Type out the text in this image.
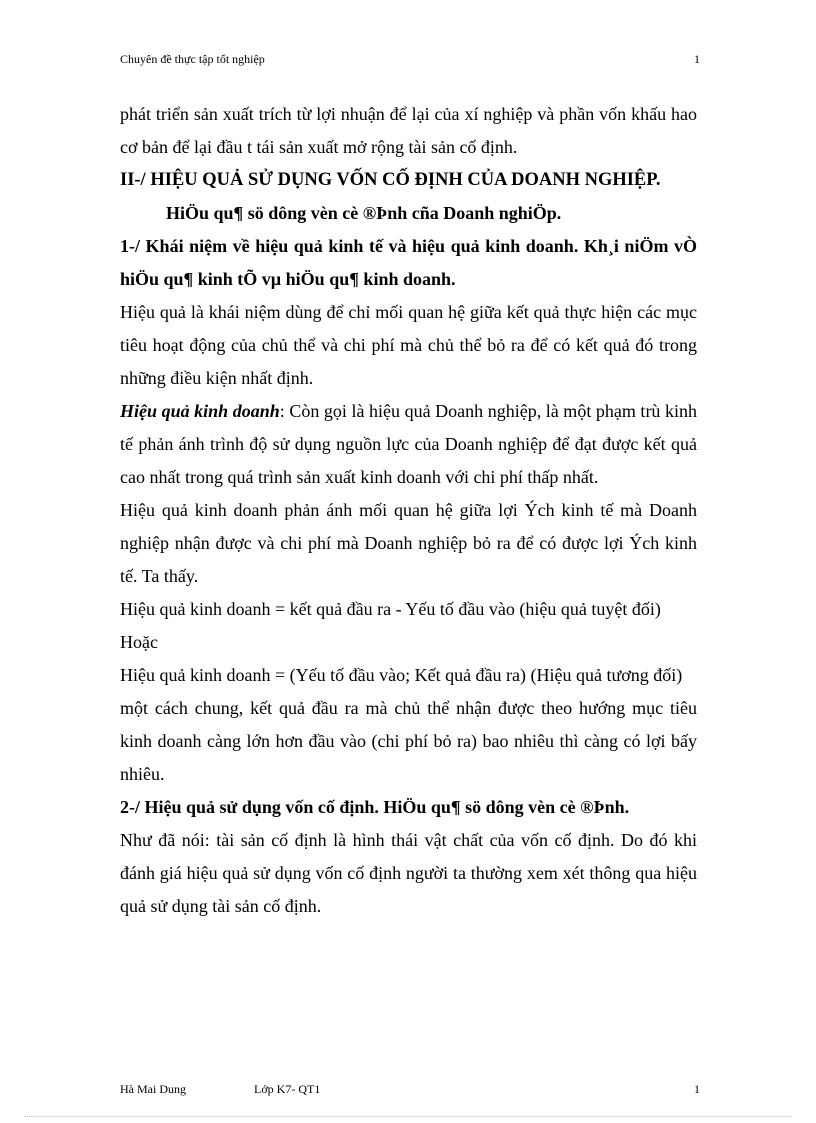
Chuyên đề thực tập tốt nghiệp	1

phát triển sản xuất trích từ lợi nhuận để lại của xí nghiệp và phần vốn khấu hao cơ bản để lại đầu t tái sản xuất mở rộng tài sản cố định.

II-/ HIỆU QUẢ SỬ DỤNG VỐN CỐ ĐỊNH CỦA DOANH NGHIỆP.

HiÖu qu¶ sö dông vèn cè ®Þnh cña Doanh nghiÖp.

1-/ Khái niệm về hiệu quả kinh tế và hiệu quả kinh doanh. Kh¸i niÖm vÒ hiÖu qu¶ kinh tÕ vµ hiÖu qu¶ kinh doanh.

Hiệu quả là khái niệm dùng để chỉ mối quan hệ giữa kết quả thực hiện các mục tiêu hoạt động của chủ thể và chi phí mà chủ thể bỏ ra để có kết quả đó trong những điều kiện nhất định.

Hiệu quả kinh doanh: Còn gọi là hiệu quả Doanh nghiệp, là một phạm trù kinh tế phản ánh trình độ sử dụng nguồn lực của Doanh nghiệp để đạt được kết quả cao nhất trong quá trình sản xuất kinh doanh với chi phí thấp nhất.

Hiệu quả kinh doanh phản ánh mối quan hệ giữa lợi Ých kinh tế mà Doanh nghiệp nhận được và chi phí mà Doanh nghiệp bỏ ra để có được lợi Ých kinh tế. Ta thấy.

Hiệu quả kinh doanh = kết quả đầu ra - Yếu tố đầu vào (hiệu quả tuyệt đối)

Hoặc

Hiệu quả kinh doanh = (Yếu tố đầu vào; Kết quả đầu ra) (Hiệu quả tương đối)

một cách chung, kết quả đầu ra mà chủ thể nhận được theo hướng mục tiêu kinh doanh càng lớn hơn đầu vào (chi phí bỏ ra) bao nhiêu thì càng có lợi bấy nhiêu.

2-/ Hiệu quả sử dụng vốn cố định. HiÖu qu¶ sö dông vèn cè ®Þnh.

Như đã nói: tài sản cố định là hình thái vật chất của vốn cố định. Do đó khi đánh giá hiệu quả sử dụng vốn cố định người ta thường xem xét thông qua hiệu quả sử dụng tài sản cố định.

Hà Mai Dung	Lớp K7- QT1	1
